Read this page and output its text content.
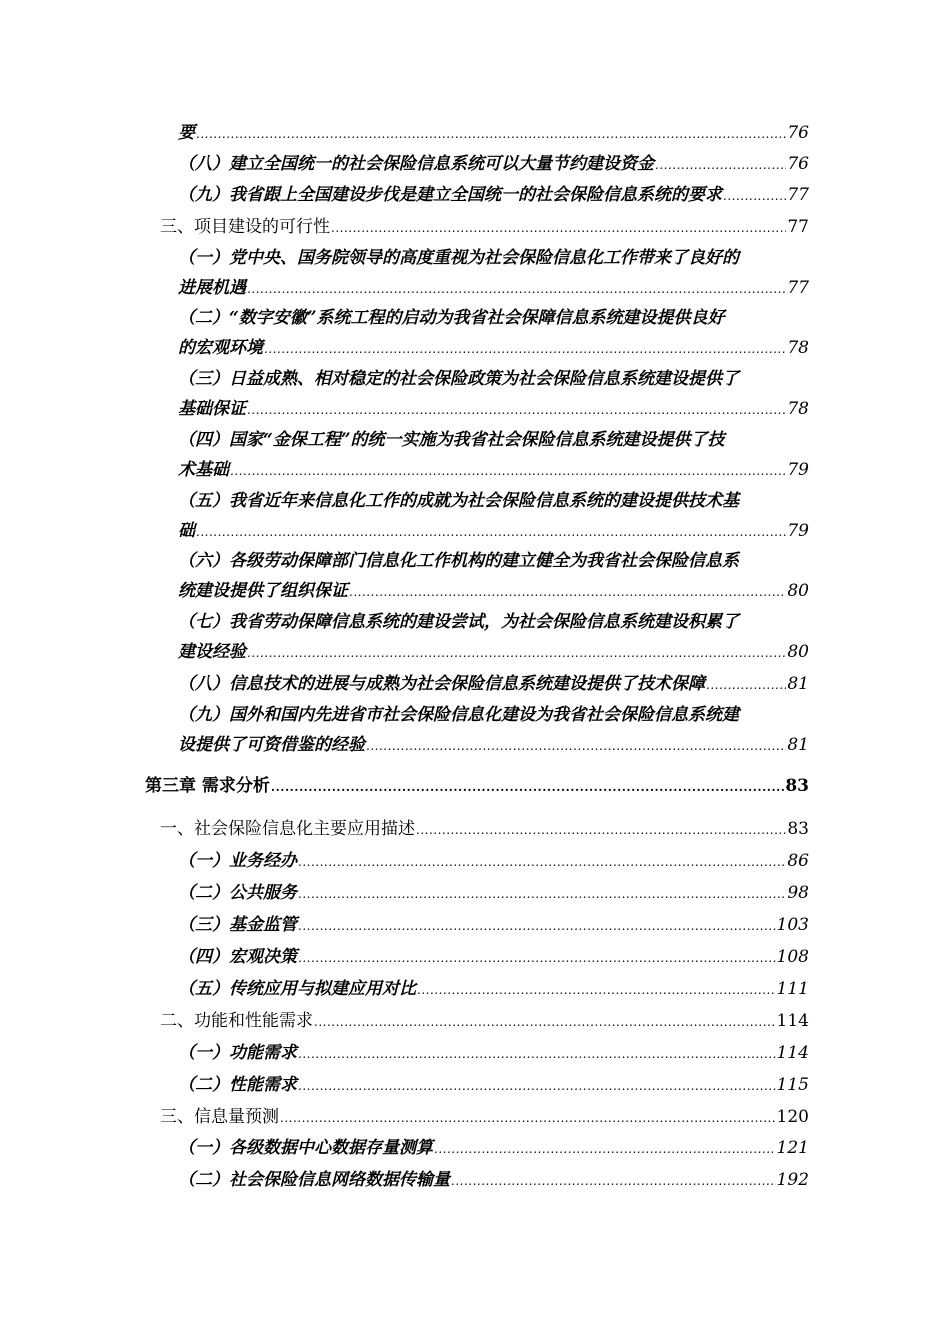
要 .....	76
（八）建立全国统一的社会保险信息系统可以大量节约建设资金 .....	76
（九）我省跟上全国建设步伐是建立全国统一的社会保险信息系统的要求 .....	77
三、项目建设的可行性 .....	77
（一）党中央、国务院领导的高度重视为社会保险信息化工作带来了良好的
进展机遇 .....	77
（二）“数字安徽”系统工程的启动为我省社会保障信息系统建设提供良好
的宏观环境 .....	78
（三）日益成熟、相对稳定的社会保险政策为社会保险信息系统建设提供了
基础保证 .....	78
（四）国家“金保工程”的统一实施为我省社会保险信息系统建设提供了技
术基础 .....	79
（五）我省近年来信息化工作的成就为社会保险信息系统的建设提供技术基
础 .....	79
（六）各级劳动保障部门信息化工作机构的建立健全为我省社会保险信息系
统建设提供了组织保证 .....	80
（七）我省劳动保障信息系统的建设尝试，为社会保险信息系统建设积累了
建设经验 .....	80
（八）信息技术的进展与成熟为社会保险信息系统建设提供了技术保障 .....	81
（九）国外和国内先进省市社会保险信息化建设为我省社会保险信息系统建
设提供了可资借鉴的经验 .....	81
第三章 需求分析 .....	83
一、社会保险信息化主要应用描述 .....	83
（一）业务经办 .....	86
（二）公共服务 .....	98
（三）基金监管 .....	103
（四）宏观决策 .....	108
（五）传统应用与拟建应用对比 .....	111
二、功能和性能需求 .....	114
（一）功能需求 .....	114
（二）性能需求 .....	115
三、信息量预测 .....	120
（一）各级数据中心数据存量测算 .....	121
（二）社会保险信息网络数据传输量 .....	192
